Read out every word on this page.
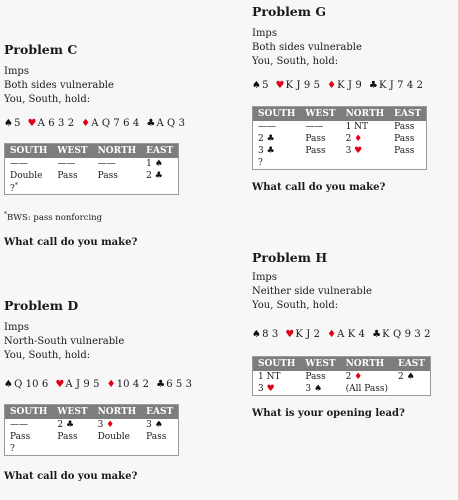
Problem C
Imps
Both sides vulnerable
You, South, hold:
♠5 ♥A 6 3 2 ♦A Q 7 6 4 ♣A Q 3
SOUTH	WEST	NORTH	EAST
——	——	——	1 ♠
Double	Pass	Pass	2 ♣
?*			
*BWS: pass nonforcing
What call do you make?
Problem D
Imps
North-South vulnerable
You, South, hold:
♠Q 10 6 ♥A J 9 5 ♦10 4 2 ♣6 5 3
SOUTH	WEST	NORTH	EAST
——	2 ♣	3 ♦	3 ♠
Pass	Pass	Double	Pass
?			
What call do you make?
Problem G
Imps
Both sides vulnerable
You, South, hold:
♠5 ♥K J 9 5 ♦K J 9 ♣K J 7 4 2
SOUTH	WEST	NORTH	EAST
——	——	1 NT	Pass
2 ♣	Pass	2 ♦	Pass
3 ♣	Pass	3 ♥	Pass
?			
What call do you make?
Problem H
Imps
Neither side vulnerable
You, South, hold:
♠8 3 ♥K J 2 ♦A K 4 ♣K Q 9 3 2
SOUTH	WEST	NORTH	EAST
1 NT	Pass	2 ♦	2 ♠
3 ♥	3 ♠	(All Pass)	
What is your opening lead?
